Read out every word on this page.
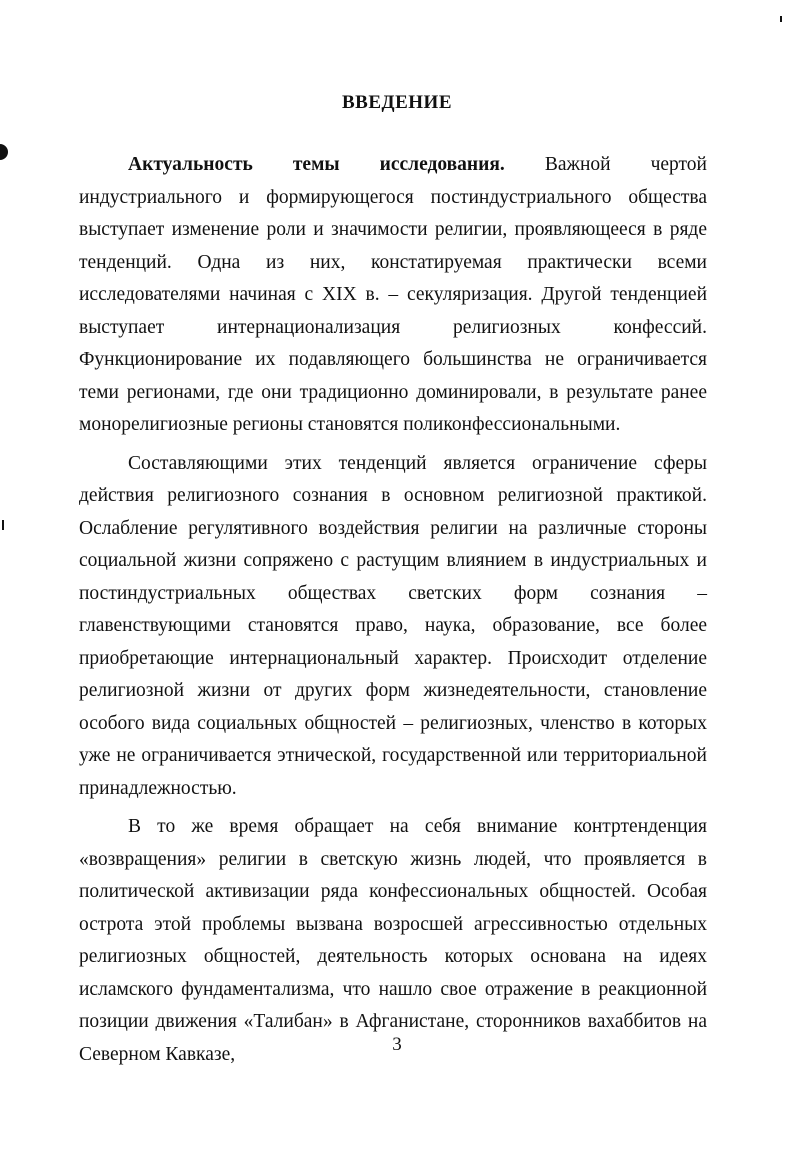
ВВЕДЕНИЕ

Актуальность темы исследования. Важной чертой индустриального и формирующегося постиндустриального общества выступает изменение роли и значимости религии, проявляющееся в ряде тенденций. Одна из них, констатируемая практически всеми исследователями начиная с XIX в. – секуляризация. Другой тенденцией выступает интернационализация религиозных конфессий. Функционирование их подавляющего большинства не ограничивается теми регионами, где они традиционно доминировали, в результате ранее монорелигиозные регионы становятся поликонфессиональными.

Составляющими этих тенденций является ограничение сферы действия религиозного сознания в основном религиозной практикой. Ослабление регулятивного воздействия религии на различные стороны социальной жизни сопряжено с растущим влиянием в индустриальных и постиндустриальных обществах светских форм сознания – главенствующими становятся право, наука, образование, все более приобретающие интернациональный характер. Происходит отделение религиозной жизни от других форм жизнедеятельности, становление особого вида социальных общностей – религиозных, членство в которых уже не ограничивается этнической, государственной или территориальной принадлежностью.

В то же время обращает на себя внимание контртенденция «возвращения» религии в светскую жизнь людей, что проявляется в политической активизации ряда конфессиональных общностей. Особая острота этой проблемы вызвана возросшей агрессивностью отдельных религиозных общностей, деятельность которых основана на идеях исламского фундаментализма, что нашло свое отражение в реакционной позиции движения «Талибан» в Афганистане, сторонников вахаббитов на Северном Кавказе,	3
